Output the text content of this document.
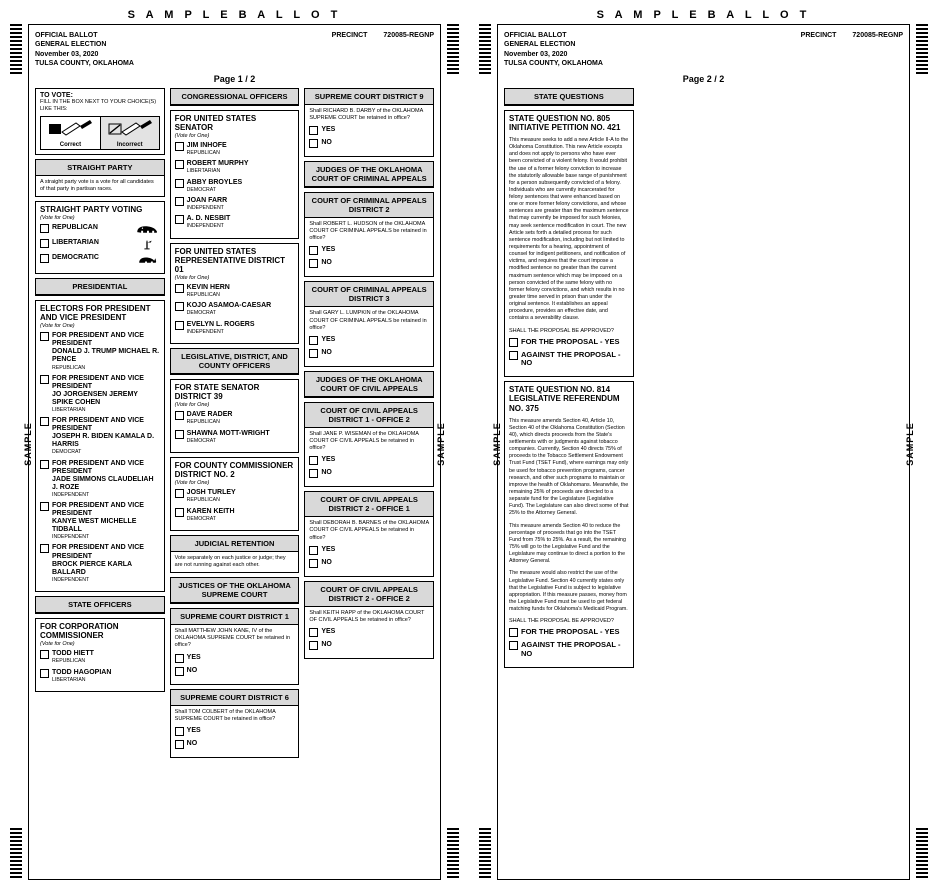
S A M P L E B A L L O T
SAMPLE	SAMPLE
OFFICIAL BALLOT
GENERAL ELECTION
November 03, 2020
TULSA COUNTY, OKLAHOMA
PRECINCT 720085-REGNP
Page 1 / 2
TO VOTE:
FILL IN THE BOX NEXT TO YOUR CHOICE(S) LIKE THIS:
Correct	Incorrect
STRAIGHT PARTY
A straight party vote is a vote for all candidates of that party in partisan races.
STRAIGHT PARTY VOTING
(Vote for One)
REPUBLICAN
LIBERTARIAN
DEMOCRATIC
PRESIDENTIAL
ELECTORS FOR PRESIDENT AND VICE PRESIDENT
(Vote for One)
FOR PRESIDENT AND VICE PRESIDENT
DONALD J. TRUMP MICHAEL R. PENCE
REPUBLICAN
FOR PRESIDENT AND VICE PRESIDENT
JO JORGENSEN JEREMY SPIKE COHEN
LIBERTARIAN
FOR PRESIDENT AND VICE PRESIDENT
JOSEPH R. BIDEN KAMALA D. HARRIS
DEMOCRAT
FOR PRESIDENT AND VICE PRESIDENT
JADE SIMMONS CLAUDELIAH J. ROZE
INDEPENDENT
FOR PRESIDENT AND VICE PRESIDENT
KANYE WEST MICHELLE TIDBALL
INDEPENDENT
FOR PRESIDENT AND VICE PRESIDENT
BROCK PIERCE KARLA BALLARD
INDEPENDENT
STATE OFFICERS
FOR CORPORATION COMMISSIONER
(Vote for One)
TODD HIETT
REPUBLICAN
TODD HAGOPIAN
LIBERTARIAN
CONGRESSIONAL OFFICERS
FOR UNITED STATES SENATOR
(Vote for One)
JIM INHOFE
REPUBLICAN
ROBERT MURPHY
LIBERTARIAN
ABBY BROYLES
DEMOCRAT
JOAN FARR
INDEPENDENT
A. D. NESBIT
INDEPENDENT
FOR UNITED STATES REPRESENTATIVE DISTRICT 01
(Vote for One)
KEVIN HERN
REPUBLICAN
KOJO ASAMOA-CAESAR
DEMOCRAT
EVELYN L. ROGERS
INDEPENDENT
LEGISLATIVE, DISTRICT, AND COUNTY OFFICERS
FOR STATE SENATOR DISTRICT 39
(Vote for One)
DAVE RADER
REPUBLICAN
SHAWNA MOTT-WRIGHT
DEMOCRAT
FOR COUNTY COMMISSIONER DISTRICT NO. 2
(Vote for One)
JOSH TURLEY
REPUBLICAN
KAREN KEITH
DEMOCRAT
JUDICIAL RETENTION
Vote separately on each justice or judge; they are not running against each other.
JUSTICES OF THE OKLAHOMA SUPREME COURT
SUPREME COURT DISTRICT 1
Shall MATTHEW JOHN KANE, IV of the OKLAHOMA SUPREME COURT be retained in office?
YES
NO
SUPREME COURT DISTRICT 6
Shall TOM COLBERT of the OKLAHOMA SUPREME COURT be retained in office?
YES
NO
SUPREME COURT DISTRICT 9
Shall RICHARD B. DARBY of the OKLAHOMA SUPREME COURT be retained in office?
YES
NO
JUDGES OF THE OKLAHOMA COURT OF CRIMINAL APPEALS
COURT OF CRIMINAL APPEALS DISTRICT 2
Shall ROBERT L. HUDSON of the OKLAHOMA COURT OF CRIMINAL APPEALS be retained in office?
YES
NO
COURT OF CRIMINAL APPEALS DISTRICT 3
Shall GARY L. LUMPKIN of the OKLAHOMA COURT OF CRIMINAL APPEALS be retained in office?
YES
NO
JUDGES OF THE OKLAHOMA COURT OF CIVIL APPEALS
COURT OF CIVIL APPEALS DISTRICT 1 - OFFICE 2
Shall JANE P. WISEMAN of the OKLAHOMA COURT OF CIVIL APPEALS be retained in office?
YES
NO
COURT OF CIVIL APPEALS DISTRICT 2 - OFFICE 1
Shall DEBORAH B. BARNES of the OKLAHOMA COURT OF CIVIL APPEALS be retained in office?
YES
NO
COURT OF CIVIL APPEALS DISTRICT 2 - OFFICE 2
Shall KEITH RAPP of the OKLAHOMA COURT OF CIVIL APPEALS be retained in office?
YES
NO
S A M P L E B A L L O T
SAMPLE	SAMPLE
OFFICIAL BALLOT
GENERAL ELECTION
November 03, 2020
TULSA COUNTY, OKLAHOMA
PRECINCT 720085-REGNP
Page 2 / 2
STATE QUESTIONS
STATE QUESTION NO. 805 INITIATIVE PETITION NO. 421

This measure seeks to add a new Article II-A to the Oklahoma Constitution. This new Article excepts and does not apply to persons who have ever been convicted of a violent felony. It would prohibit the use of a former felony conviction to increase the statutorily allowable base range of punishment for a person subsequently convicted of a felony. Individuals who are currently incarcerated for felony sentences that were enhanced based on one or more former felony convictions, and whose sentences are greater than the maximum sentence that may currently be imposed for such felonies, may seek sentence modification in court. The new Article sets forth a detailed process for such sentence modification, including but not limited to requirements for a hearing, appointment of counsel for indigent petitioners, and notification of victims, and requires that the court impose a modified sentence no greater than the current maximum sentence which may be imposed on a person convicted of the same felony with no former felony convictions, and which results in no greater time served in prison than under the original sentence. It establishes an appeal procedure, provides an effective date, and contains a severability clause.

SHALL THE PROPOSAL BE APPROVED?
FOR THE PROPOSAL - YES
AGAINST THE PROPOSAL - NO
STATE QUESTION NO. 814 LEGISLATIVE REFERENDUM NO. 375

This measure amends Section 40, Article 10, Section 40 of the Oklahoma Constitution (Section 40), which directs proceeds from the State's settlements with or judgments against tobacco companies. Currently, Section 40 directs 75% of proceeds to the Tobacco Settlement Endowment Trust Fund (TSET Fund), where earnings may only be used for tobacco prevention programs, cancer research, and other such programs to maintain or improve the health of Oklahomans. Meanwhile, the remaining 25% of proceeds are directed to a separate fund for the Legislature (Legislative Fund). The Legislature can also direct some of that 25% to the Attorney General.

This measure amends Section 40 to reduce the percentage of proceeds that go into the TSET Fund from 75% to 25%. As a result, the remaining 75% will go to the Legislative Fund and the Legislature may continue to direct a portion to the Attorney General.

The measure would also restrict the use of the Legislative Fund. Section 40 currently states only that the Legislative Fund is subject to legislative appropriation. If this measure passes, money from the Legislative Fund must be used to get federal matching funds for Oklahoma's Medicaid Program.

SHALL THE PROPOSAL BE APPROVED?
FOR THE PROPOSAL - YES
AGAINST THE PROPOSAL - NO
